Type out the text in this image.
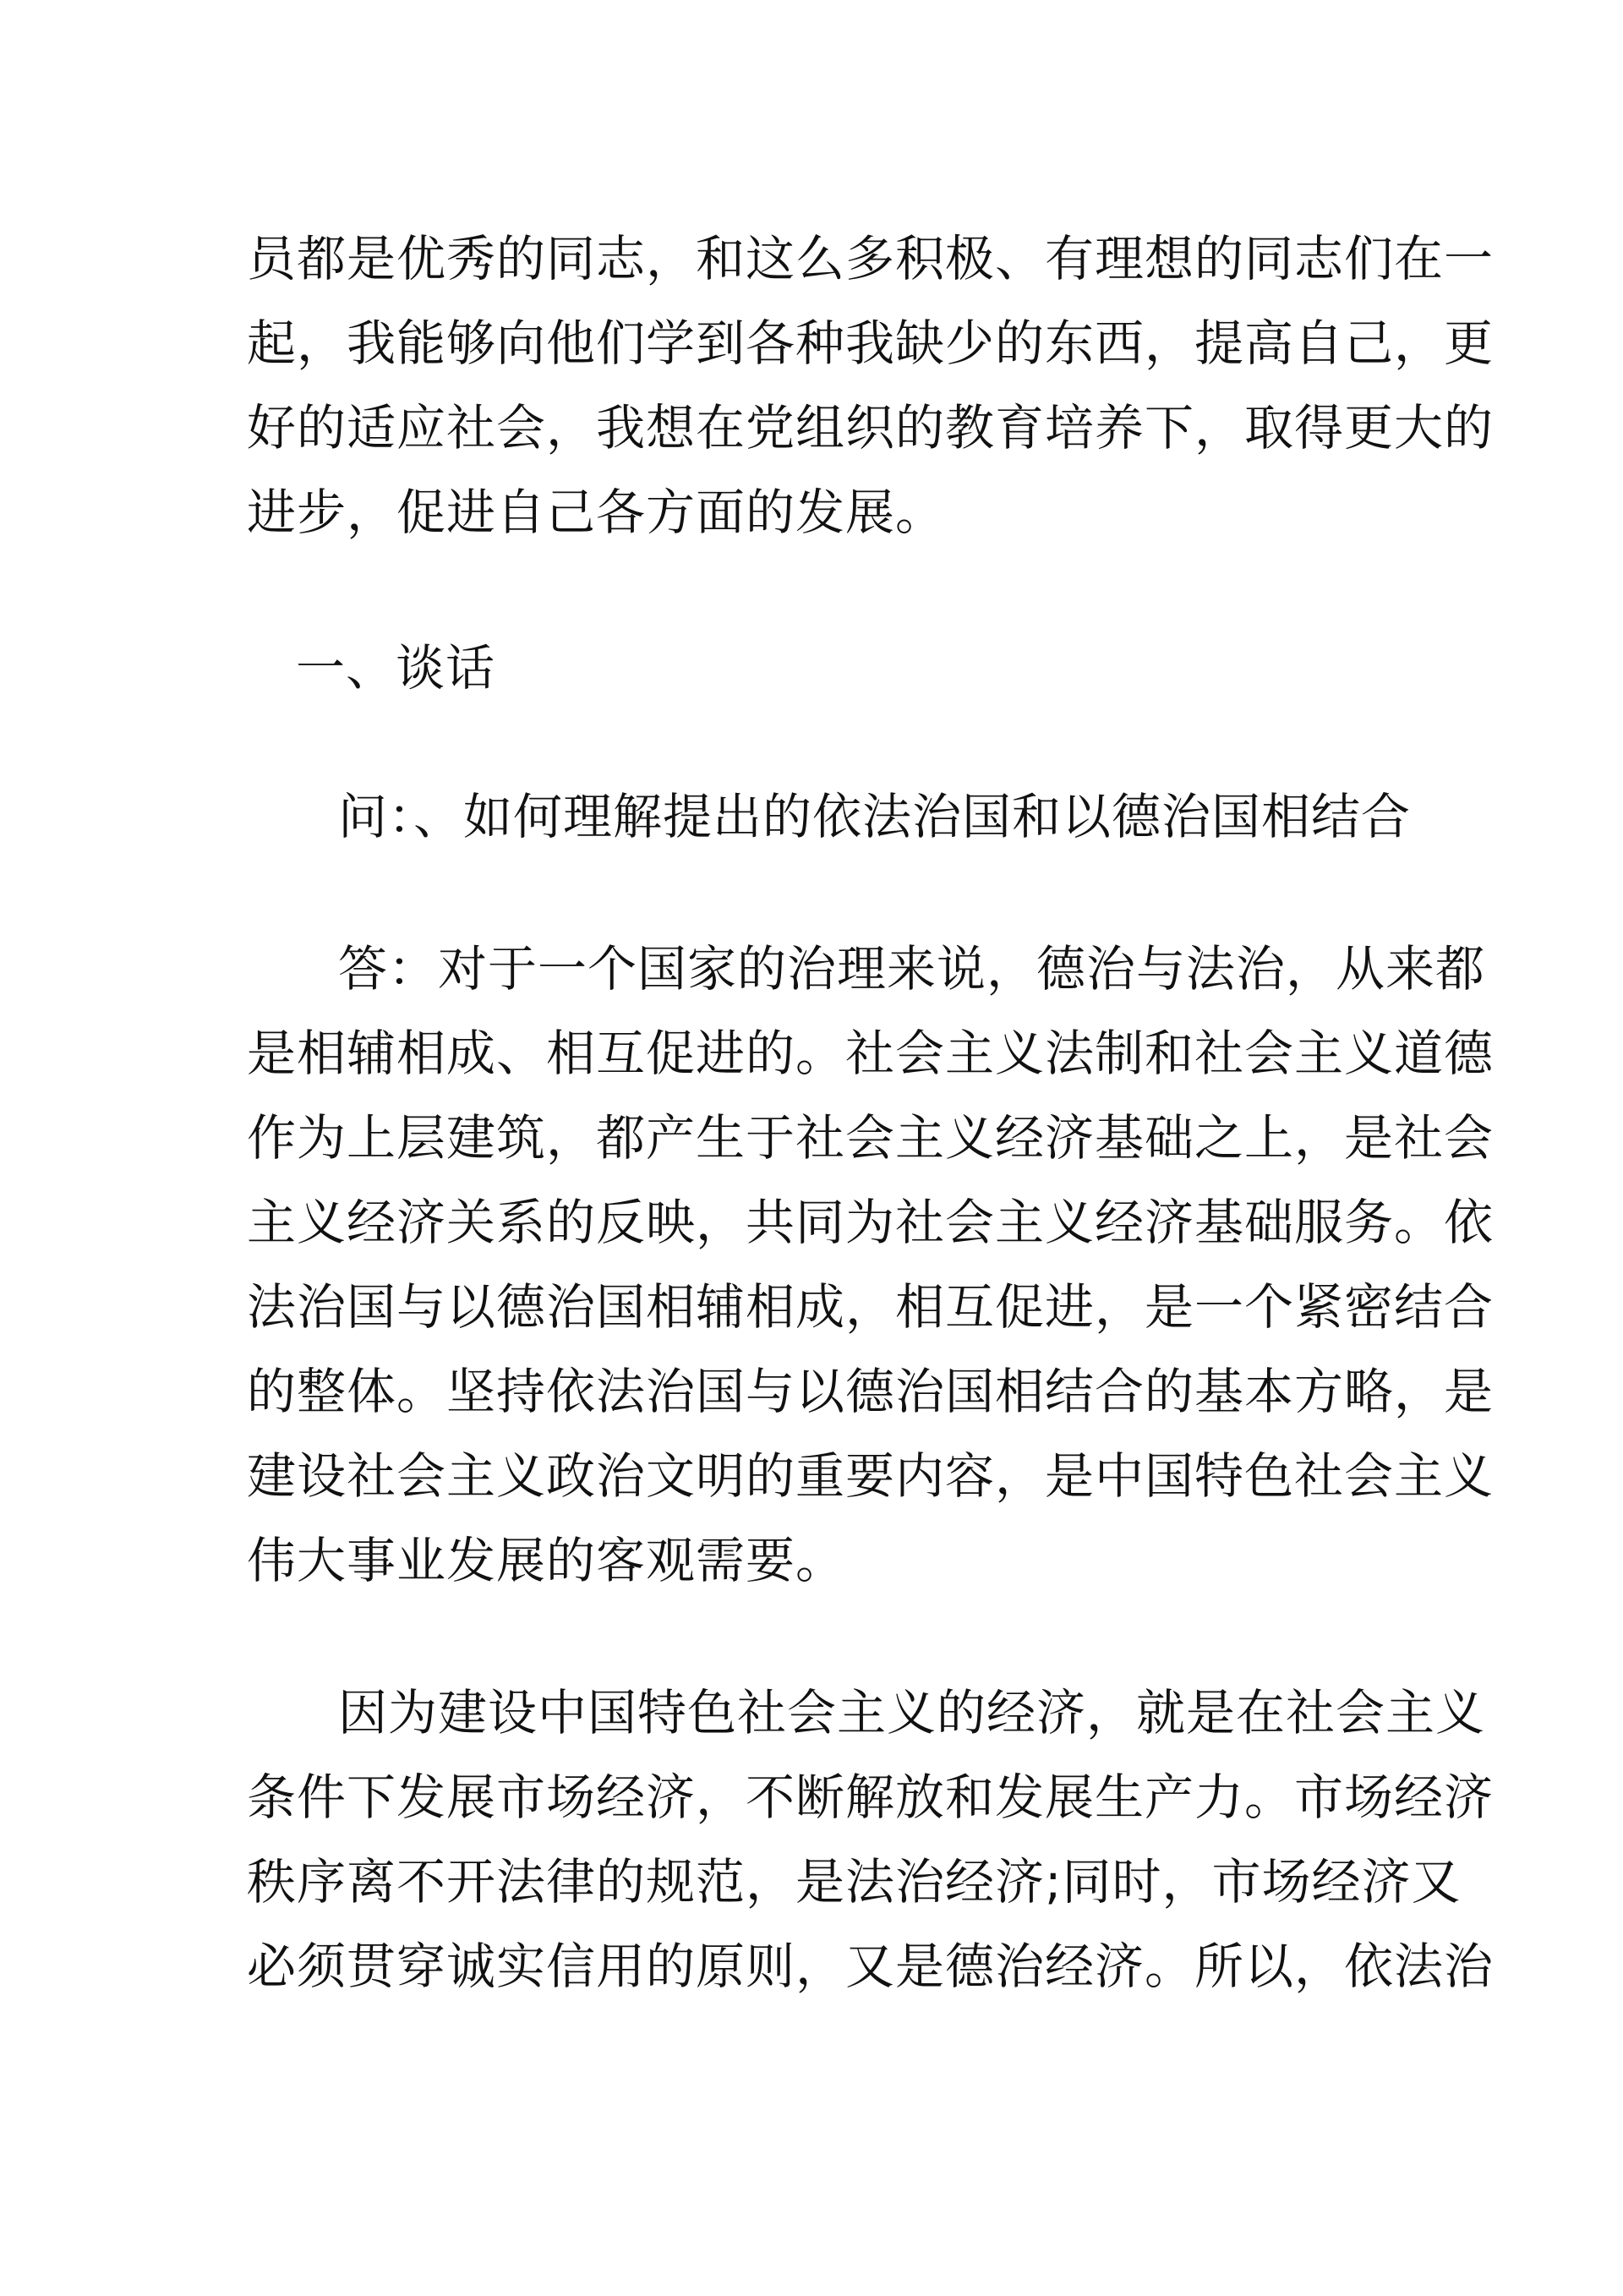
员都是优秀的同志，和这么多积极、有理想的同志们在一

起，我能够向他们学到各种我缺少的东西，提高自己，更

好的适应社会，我想在党组织的教育培养下，取得更大的

进步，促进自己各方面的发展。

一、谈话

问：、如何理解提出的依法治国和以德治国相结合

答：对于一个国家的治理来说，德治与法治，从来都

是相辅相成、相互促进的。社会主义法制和社会主义道德

作为上层建筑，都产生于社会主义经济基础之上，是社会

主义经济关系的反映，共同为社会主义经济基础服务。依

法治国与以德治国相辅相成，相互促进，是一个紧密结合

的整体。坚持依法治国与以德治国相结合的基本方略，是

建设社会主义政治文明的重要内容，是中国特色社会主义

伟大事业发展的客观需要。

因为建设中国特色社会主义的经济，就是在社会主义

条件下发展市场经济，不断解放和发展生产力。市场经济

秩序离不开法律的规范，是法治经济;同时，市场经济又

必须贯穿诚实信用的原则，又是德治经济。所以，依法治
